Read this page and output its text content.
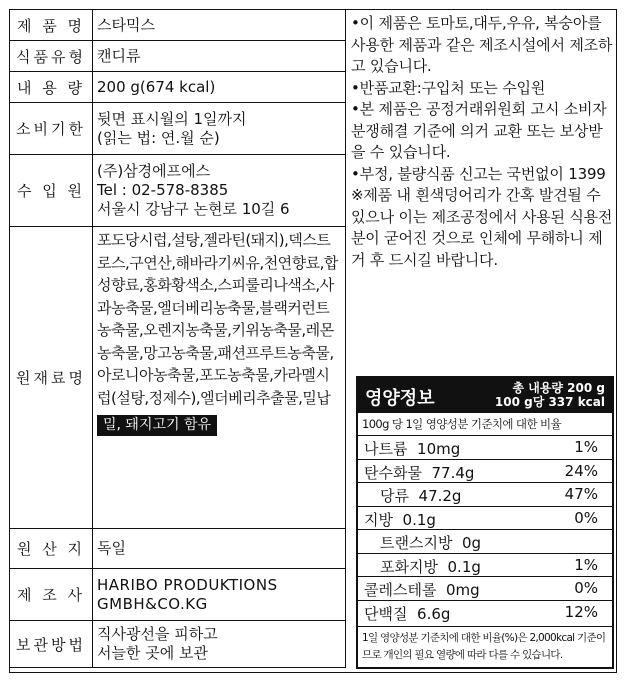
제 품 명	스타믹스
식품유형	캔디류
내 용 량	200 g(674 kcal)
소비기한	뒷면 표시월의 1일까지
(읽는 법: 연.월 순)

수 입 원	(주)삼경에프에스
Tel : 02-578-8385
서울시 강남구 논현로 10길 6

원재료명	포도당시럽,설탕,젤라틴(돼지),덱스트로스,구연산,해바라기씨유,천연향료,합성향료,홍화황색소,스피룰리나색소,사과농축물,엘더베리농축물,블랙커런트농축물,오렌지농축물,키위농축물,레몬농축물,망고농축물,패션프루트농축물,아로니아농축물,포도농축물,카라멜시럽(설탕,정제수),엘더베리추출물,밀납
밀, 돼지고기 함유
원 산 지	독일
제 조 사	HARIBO PRODUKTIONS
GMBH&CO.KG

보관방법	직사광선을 피하고
서늘한 곳에 보관

•이 제품은 토마토,대두,우유, 복숭아를 사용한 제품과 같은 제조시설에서 제조하고 있습니다.

•반품교환:구입처 또는 수입원

•본 제품은 공정거래위원회 고시 소비자 분쟁해결 기준에 의거 교환 또는 보상받을 수 있습니다.

•부정, 불량식품 신고는 국번없이 1399

※제품 내 흰색덩어리가 간혹 발견될 수 있으나 이는 제조공정에서 사용된 식용전분이 굳어진 것으로 인체에 무해하니 제거 후 드시길 바랍니다.

영양정보	총 내용량 200 g
100 g당 337 kcal
100g 당 1일 영양성분 기준치에 대한 비율
나트륨 10mg	1%
탄수화물 77.4g	24%
당류 47.2g	47%
지방 0.1g	0%
트랜스지방 0g
포화지방 0.1g	1%
콜레스테롤 0mg	0%
단백질 6.6g	12%
1일 영양성분 기준치에 대한 비율(%)은 2,000kcal 기준이므로 개인의 필요 열량에 따라 다를 수 있습니다.
